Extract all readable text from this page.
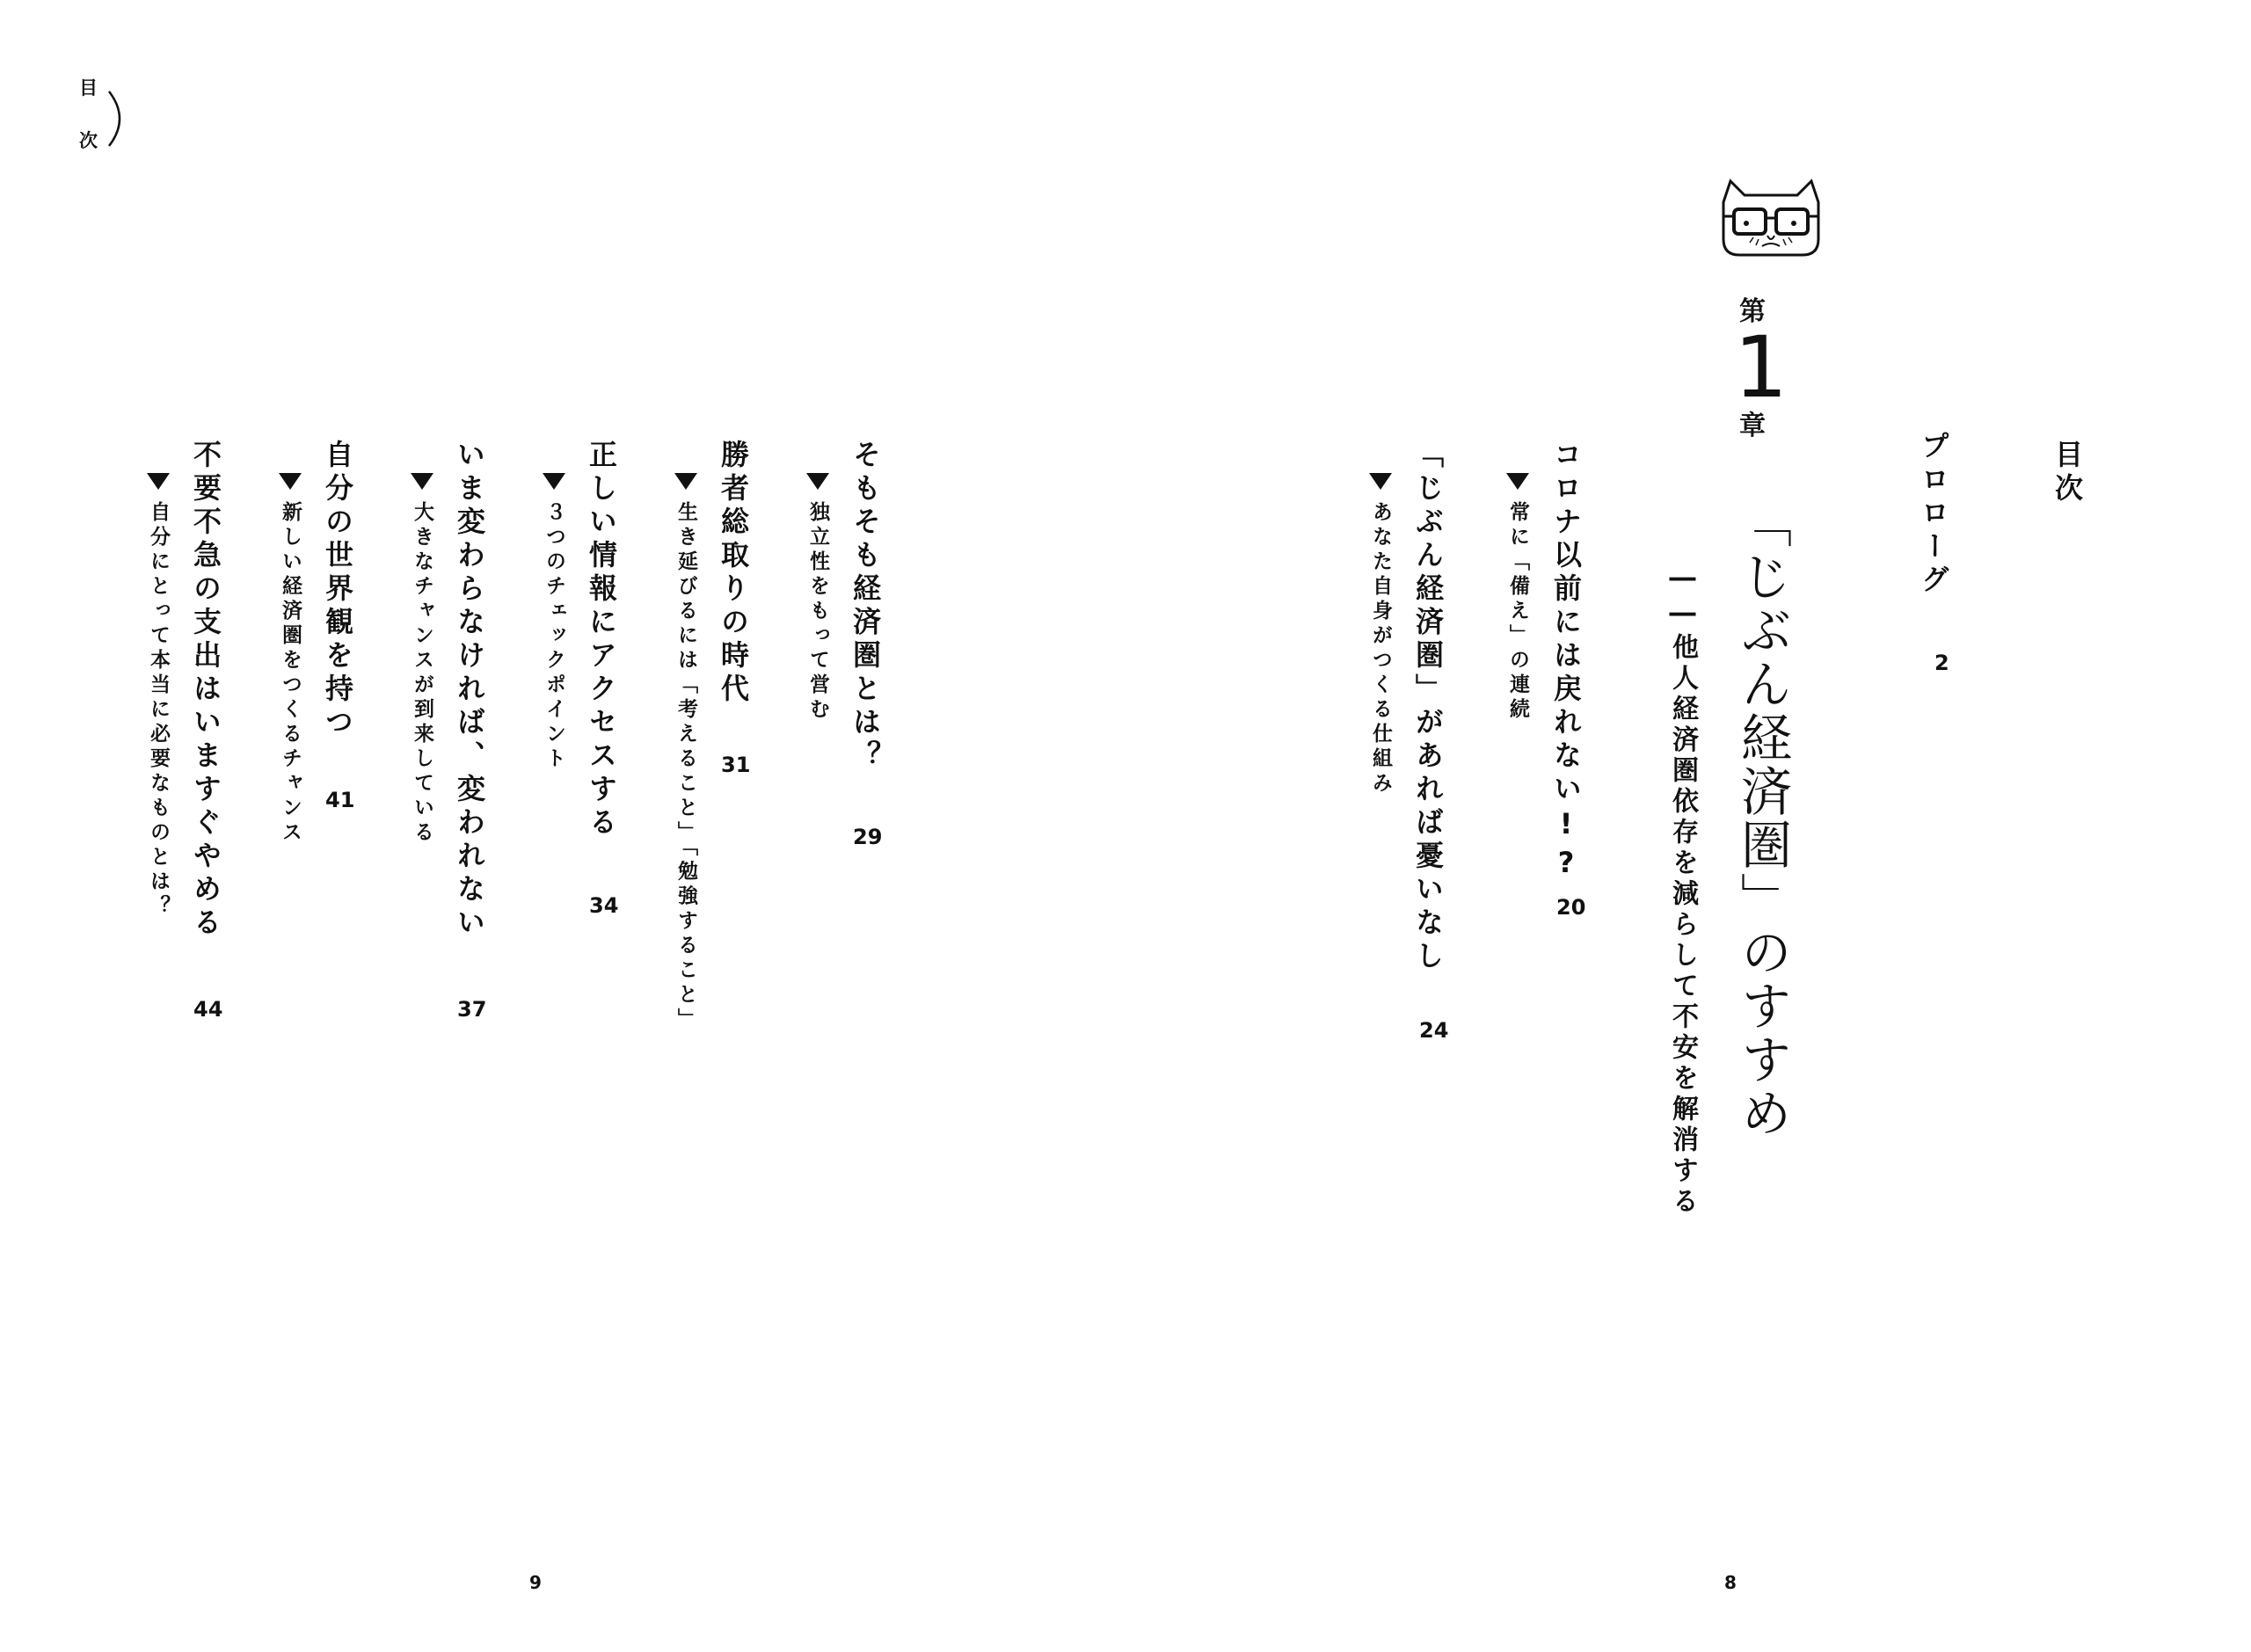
目
次
目次
プロローグ
2
第
1
章
「じぶん経済圏」のすすめ
――他人経済圏依存を減らして不安を解消する
コロナ以前には戻れない!?
20
常に「備え」の連続
「じぶん経済圏」があれば憂いなし
24
あなた自身がつくる仕組み
そもそも経済圏とは？
29
独立性をもって営む
勝者総取りの時代
31
生き延びるには「考えること」「勉強すること」
正しい情報にアクセスする
34
３つのチェックポイント
いま変わらなければ、変われない
37
大きなチャンスが到来している
自分の世界観を持つ
41
新しい経済圏をつくるチャンス
不要不急の支出はいますぐやめる
44
自分にとって本当に必要なものとは？
9	8
